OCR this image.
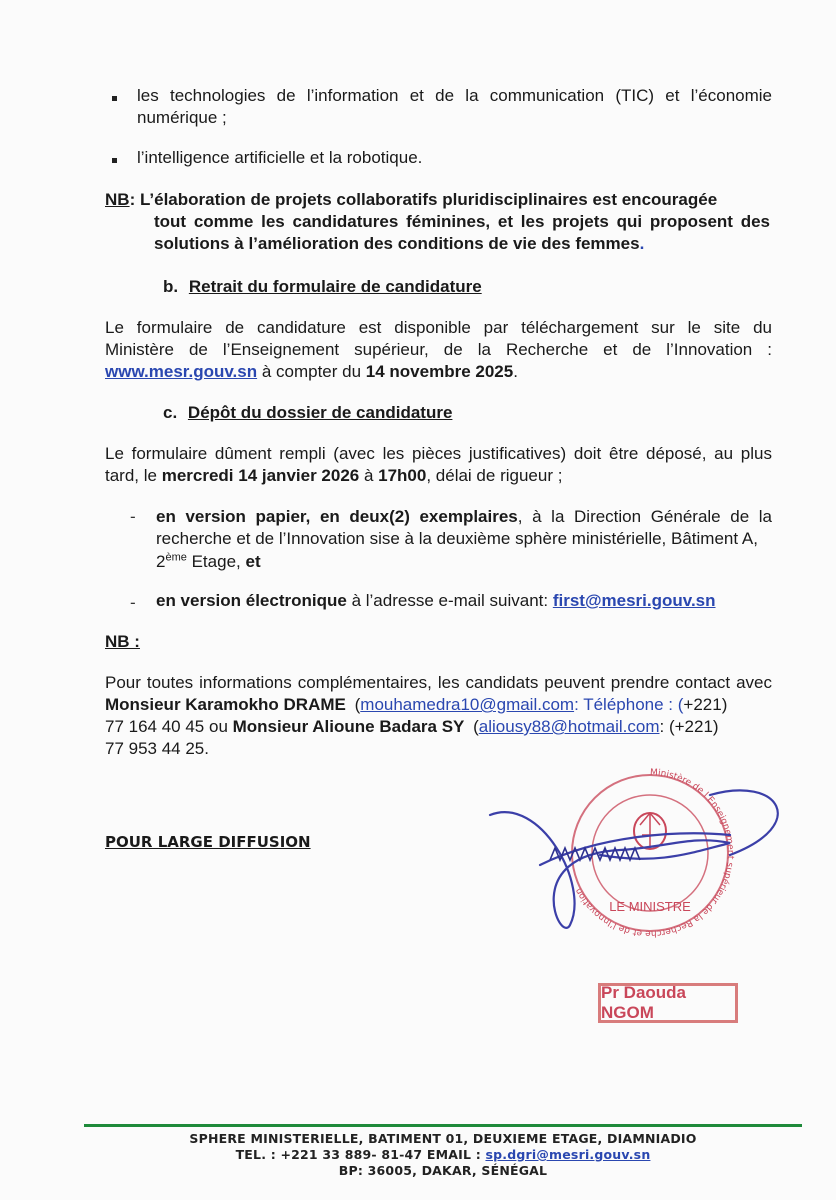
les technologies de l’information et de la communication (TIC) et l’économie
numérique ;
l’intelligence artificielle et la robotique.
NB: L’élaboration de projets collaboratifs pluridisciplinaires est encouragée
tout comme les candidatures féminines, et les projets qui proposent des
solutions à l’amélioration des conditions de vie des femmes.
b. Retrait du formulaire de candidature
Le formulaire de candidature est disponible par téléchargement sur le site du
Ministère de l’Enseignement supérieur, de la Recherche et de l’Innovation :
www.mesr.gouv.sn à compter du 14 novembre 2025.
c. Dépôt du dossier de candidature
Le formulaire dûment rempli (avec les pièces justificatives) doit être déposé, au plus
tard, le mercredi 14 janvier 2026 à 17h00, délai de rigueur ;
- en version papier, en deux(2) exemplaires, à la Direction Générale de la
recherche et de l’Innovation sise à la deuxième sphère ministérielle, Bâtiment A,
2ème Etage, et
- en version électronique à l’adresse e-mail suivant: first@mesri.gouv.sn
NB :
Pour toutes informations complémentaires, les candidats peuvent prendre contact avec
Monsieur Karamokho DRAME (mouhamedra10@gmail.com: Téléphone : (+221)
77 164 40 45 ou Monsieur Alioune Badara SY (aliousy88@hotmail.com: (+221)
77 953 44 25.
POUR LARGE DIFFUSION
Ministère de l’Enseignement supérieur de la Recherche et de l’Innovation
LE MINISTRE
Pr Daouda NGOM
SPHERE MINISTERIELLE, BATIMENT 01, DEUXIEME ETAGE, DIAMNIADIO
TEL. : +221 33 889- 81-47 EMAIL : sp.dgri@mesri.gouv.sn
BP: 36005, DAKAR, SÉNÉGAL
